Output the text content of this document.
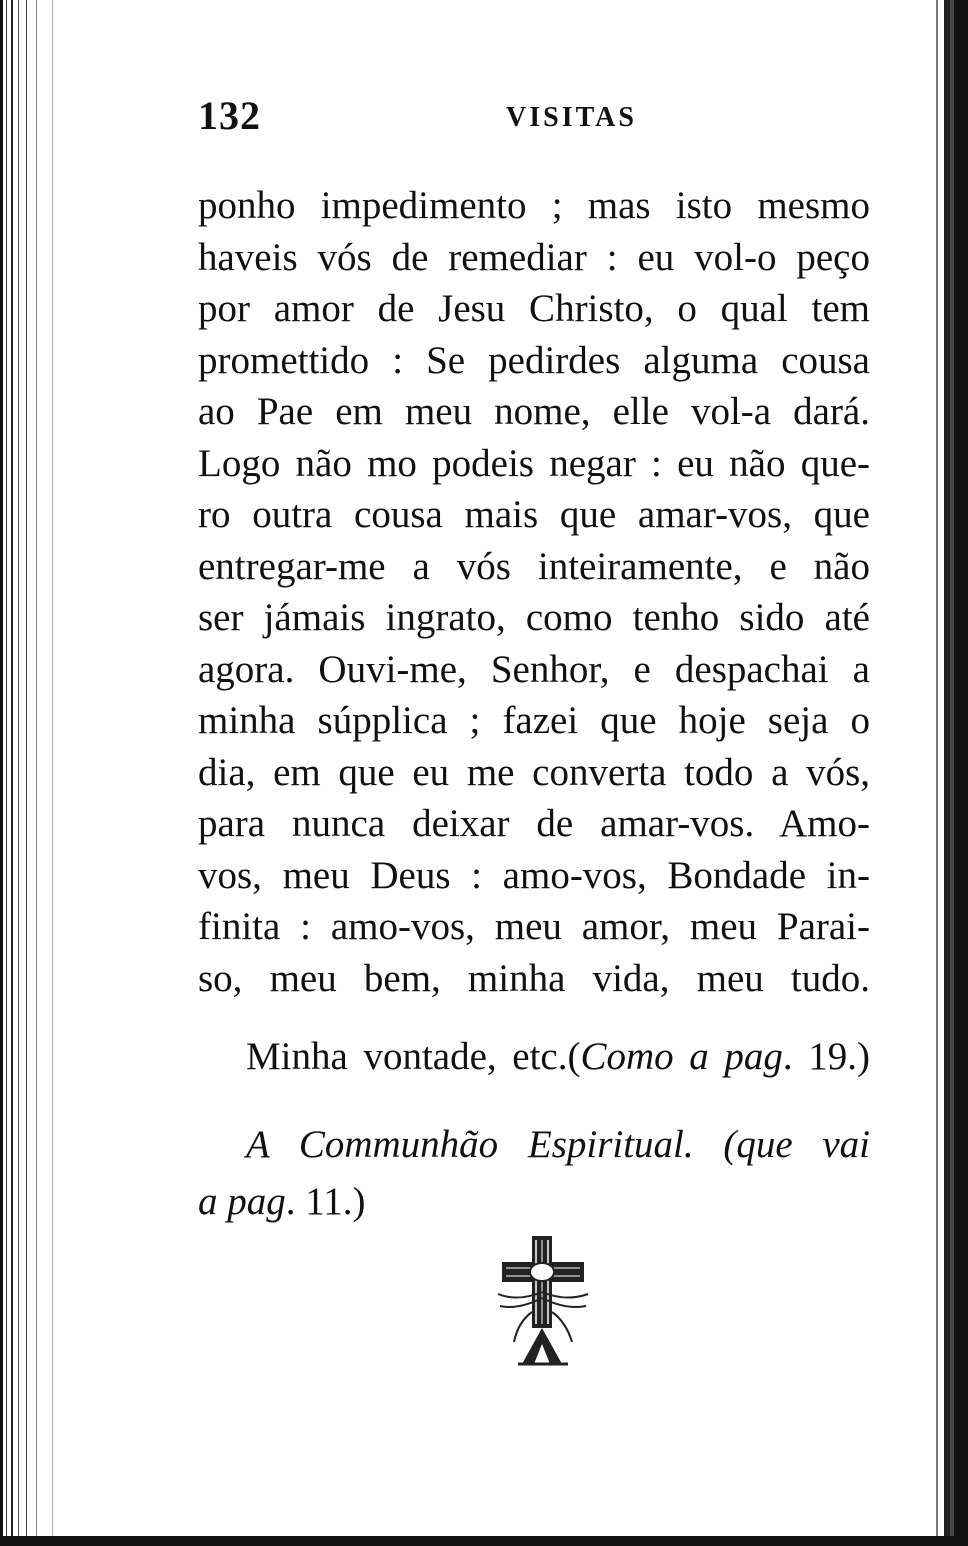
132	VISITAS
ponho impedimento ; mas isto mesmo
haveis vós de remediar : eu vol-o peço
por amor de Jesu Christo, o qual tem
promettido : Se pedirdes alguma cousa
ao Pae em meu nome, elle vol-a dará.
Logo não mo podeis negar : eu não que-
ro outra cousa mais que amar-vos, que
entregar-me a vós inteiramente, e não
ser jámais ingrato, como tenho sido até
agora. Ouvi-me, Senhor, e despachai a
minha súpplica ; fazei que hoje seja o
dia, em que eu me converta todo a vós,
para nunca deixar de amar-vos. Amo-
vos, meu Deus : amo-vos, Bondade in-
finita : amo-vos, meu amor, meu Parai-
so, meu bem, minha vida, meu tudo.
Minha vontade, etc.(Como a pag. 19.)
A Communhão Espiritual. (que vai
a pag. 11.)
